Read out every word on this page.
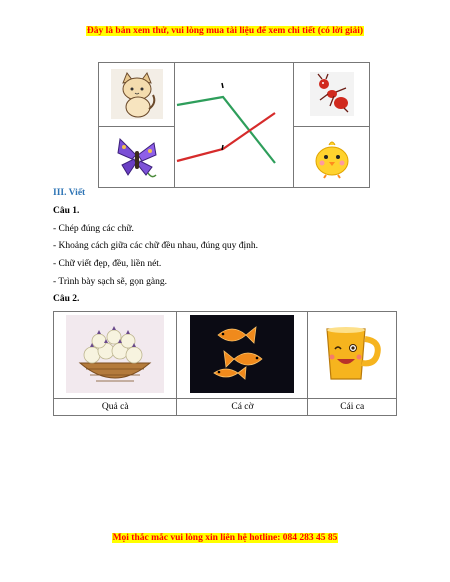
Đây là bản xem thử, vui lòng mua tài liệu để xem chi tiết (có lời giải)

III. Viết
Câu 1.
- Chép đúng các chữ.
- Khoảng cách giữa các chữ đều nhau, đúng quy định.
- Chữ viết đẹp, đều, liền nét.
- Trình bày sạch sẽ, gọn gàng.
Câu 2.

Quả cà	Cá cờ	Cái ca
Mọi thắc mắc vui lòng xin liên hệ hotline: 084 283 45 85
